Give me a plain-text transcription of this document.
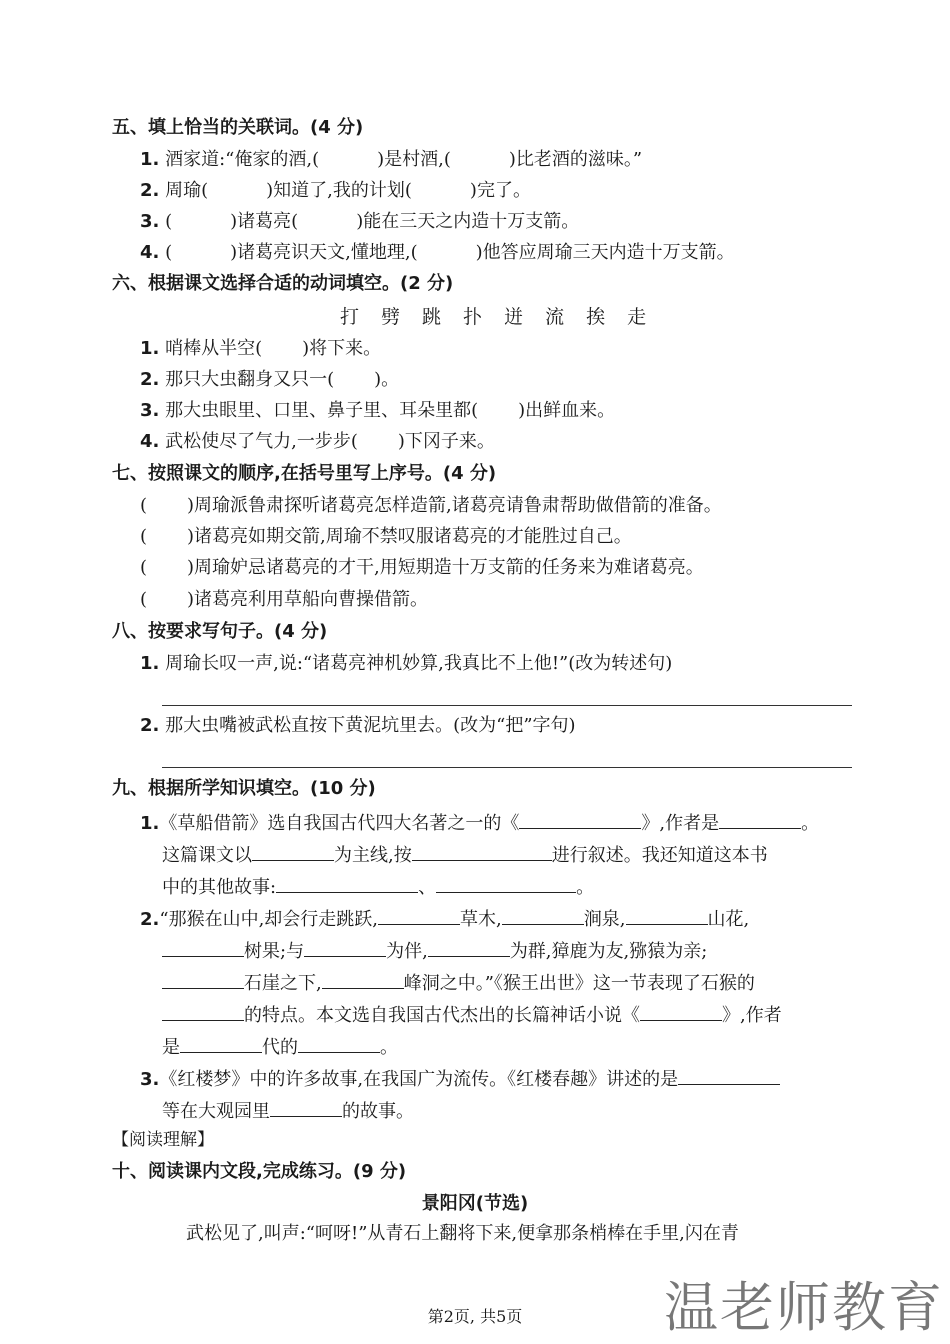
五、填上恰当的关联词。(4 分)
1. 酒家道:“俺家的酒,(	)是村酒,(	)比老酒的滋味。”
2. 周瑜(	)知道了,我的计划(	)完了。
3. (	)诸葛亮(	)能在三天之内造十万支箭。
4. (	)诸葛亮识天文,懂地理,(	)他答应周瑜三天内造十万支箭。
六、根据课文选择合适的动词填空。(2 分)
打 劈 跳 扑 迸 流 挨 走
1. 哨棒从半空( )将下来。
2. 那只大虫翻身又只一( )。
3. 那大虫眼里、口里、鼻子里、耳朵里都( )出鲜血来。
4. 武松使尽了气力,一步步( )下冈子来。
七、按照课文的顺序,在括号里写上序号。(4 分)
( )周瑜派鲁肃探听诸葛亮怎样造箭,诸葛亮请鲁肃帮助做借箭的准备。
( )诸葛亮如期交箭,周瑜不禁叹服诸葛亮的才能胜过自己。
( )周瑜妒忌诸葛亮的才干,用短期造十万支箭的任务来为难诸葛亮。
( )诸葛亮利用草船向曹操借箭。
八、按要求写句子。(4 分)
1. 周瑜长叹一声,说:“诸葛亮神机妙算,我真比不上他!”(改为转述句)
2. 那大虫嘴被武松直按下黄泥坑里去。(改为“把”字句)
九、根据所学知识填空。(10 分)
1.《草船借箭》选自我国古代四大名著之一的《	》,作者是	。
这篇课文以	为主线,按	进行叙述。我还知道这本书
中的其他故事:	、	。
2.“那猴在山中,却会行走跳跃,	草木,	涧泉,	山花,
树果;与	为伴,	为群,獐鹿为友,猕猿为亲;
石崖之下,	峰洞之中。”《猴王出世》这一节表现了石猴的
的特点。本文选自我国古代杰出的长篇神话小说《	》,作者
是	代的	。
3.《红楼梦》中的许多故事,在我国广为流传。《红楼春趣》讲述的是
等在大观园里	的故事。
【阅读理解】
十、阅读课内文段,完成练习。(9 分)
景阳冈(节选)
武松见了,叫声:“呵呀!”从青石上翻将下来,便拿那条梢棒在手里,闪在青
第2页, 共5页	温老师教育
